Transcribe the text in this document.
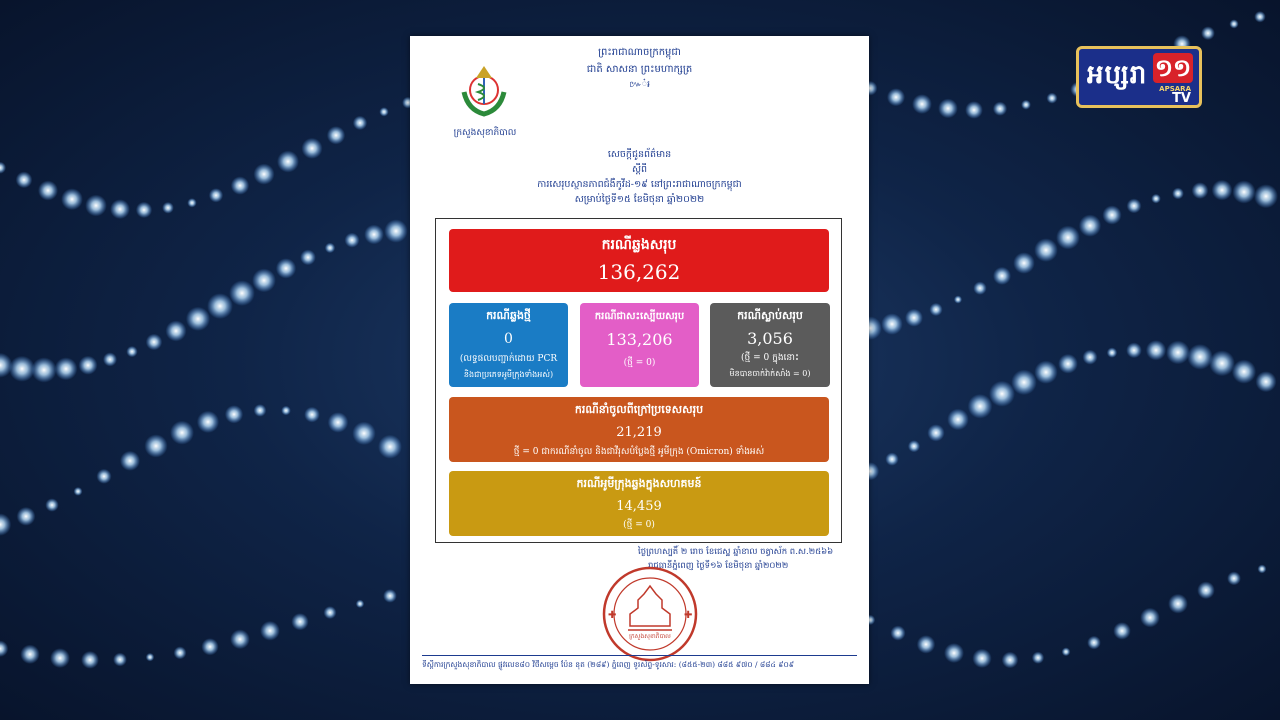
អប្សរា ១១
APSARA
TV
ព្រះរាជាណាចក្រកម្ពុជា
ជាតិ សាសនា ព្រះមហាក្សត្រ
៚៎៛
ក្រសួងសុខាភិបាល
សេចក្តីជូនព័ត៌មាន
ស្តីពី
ការសេរុបស្ថានភាពជំងឺកូវីដ-១៩ នៅព្រះរាជាណាចក្រកម្ពុជា
សម្រាប់ថ្ងៃទី១៥ ខែមិថុនា ឆ្នាំ២០២២
ករណីឆ្លងសរុប
136,262
ករណីឆ្លងថ្មី
0
(លទ្ធផលបញ្ជាក់ដោយ PCR
និងជាប្រភេទអូមីក្រុងទាំងអស់)
ករណីជាសះស្បើយសរុប
133,206
(ថ្មី = 0)
ករណីស្លាប់សរុប
3,056
(ថ្មី = 0 ក្នុងនោះ
មិនបានចាក់វ៉ាក់សាំង = 0)
ករណីនាំចូលពីក្រៅប្រទេសសរុប
21,219
ថ្មី = 0 ជាករណីនាំចូល និងជាវីរុសបំប្លែងថ្មី អូមីក្រុង (Omicron) ទាំងអស់
ករណីអូមីក្រុងឆ្លងក្នុងសហគមន៍
14,459
(ថ្មី = 0)
ថ្ងៃព្រហស្បតិ៍ ២ រោច ខែជេស្ឋ ឆ្នាំខាល ចត្វាស័ក ព.ស.២៥៦៦
រាជធានីភ្នំពេញ ថ្ងៃទី១៦ ខែមិថុនា ឆ្នាំ២០២២
✚	✚
ក្រសួងសុខាភិបាល
ទីស្តីការក្រសួងសុខាភិបាល ផ្លូវលេខ៨០ វិថីសម្តេច ប៉ែន នុត (២៨៩) ភ្នំពេញ ទូរស័ព្ទ-ទូរសារ: (៨៥៥-២៣) ៨៨៥ ៩៧០ / ៨៨៤ ៩០៩
